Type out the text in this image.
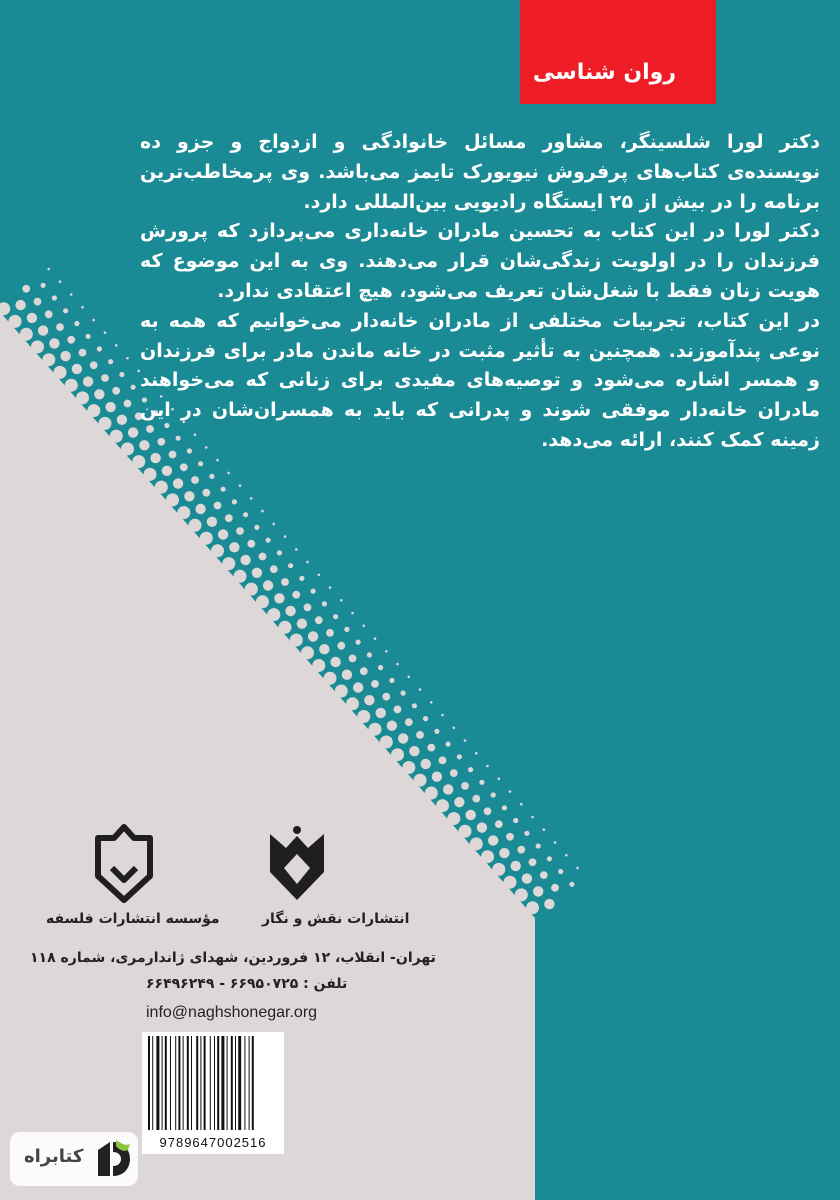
روان شناسی

دکتر لورا شلسینگر، مشاور مسائل خانوادگی و ازدواج و جزو ده نویسنده‌ی کتاب‌های پرفروش نیویورک تایمز می‌باشد. وی پرمخاطب‌ترین برنامه را در بیش از ۲۵ ایستگاه رادیویی بین‌المللی دارد.

دکتر لورا در این کتاب به تحسین مادران خانه‌داری می‌پردازد که پرورش فرزندان را در اولویت زندگی‌شان قرار می‌دهند. وی به این موضوع که هویت زنان فقط با شغل‌شان تعریف می‌شود، هیچ اعتقادی ندارد.

در این کتاب، تجربیات مختلفی از مادران خانه‌دار می‌خوانیم که همه به نوعی پندآموزند. همچنین به تأثیر مثبت در خانه ماندن مادر برای فرزندان و همسر اشاره می‌شود و توصیه‌های مفیدی برای زنانی که می‌خواهند مادران خانه‌دار موفقی شوند و پدرانی که باید به همسران‌شان در این زمینه کمک کنند، ارائه می‌دهد.

انتشارات نقش و نگار
مؤسسه انتشارات فلسفه
تهران- انقلاب، ۱۲ فروردین، شهدای ژاندارمری، شماره ۱۱۸
تلفن : ۶۶۹۵۰۷۲۵ - ۶۶۴۹۶۲۴۹
info@naghshonegar.org
9789647002516
کتابراه
